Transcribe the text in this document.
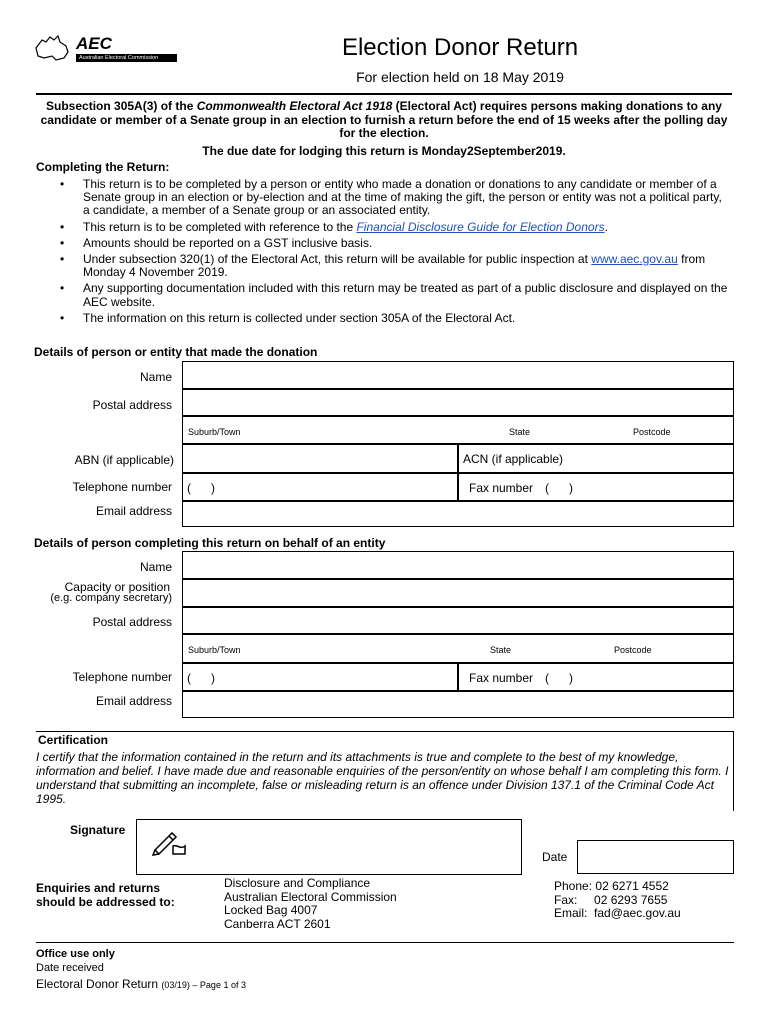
AEC
Australian Electoral Commission	Election Donor Return
For election held on 18 May 2019
Subsection 305A(3) of the Commonwealth Electoral Act 1918 (Electoral Act) requires persons making donations to any candidate or member of a Senate group in an election to furnish a return before the end of 15 weeks after the polling day for the election.
The due date for lodging this return is Monday2September2019.
Completing the Return:
• This return is to be completed by a person or entity who made a donation or donations to any candidate or member of a Senate group in an election or by-election and at the time of making the gift, the person or entity was not a political party, a candidate, a member of a Senate group or an associated entity.
• This return is to be completed with reference to the Financial Disclosure Guide for Election Donors.
• Amounts should be reported on a GST inclusive basis.
• Under subsection 320(1) of the Electoral Act, this return will be available for public inspection at www.aec.gov.au from Monday 4 November 2019.
• Any supporting documentation included with this return may be treated as part of a public disclosure and displayed on the AEC website.
• The information on this return is collected under section 305A of the Electoral Act.
Details of person or entity that made the donation
Name
Postal address
Suburb/Town	State	Postcode
ABN (if applicable)	ACN (if applicable)
Telephone number (      )	Fax number (      )
Email address
Details of person completing this return on behalf of an entity
Name
Capacity or position
(e.g. company secretary)
Postal address
Suburb/Town	State	Postcode
Telephone number (      )	Fax number (      )
Email address
Certification
I certify that the information contained in the return and its attachments is true and complete to the best of my knowledge, information and belief. I have made due and reasonable enquiries of the person/entity on whose behalf I am completing this form. I understand that submitting an incomplete, false or misleading return is an offence under Division 137.1 of the Criminal Code Act 1995.
Signature
Date
Enquiries and returns
should be addressed to:
Disclosure and Compliance
Australian Electoral Commission
Locked Bag 4007
Canberra ACT 2601
Phone: 02 6271 4552
Fax: 02 6293 7655
Email: fad@aec.gov.au
Office use only
Date received
Electoral Donor Return (03/19) – Page 1 of 3
